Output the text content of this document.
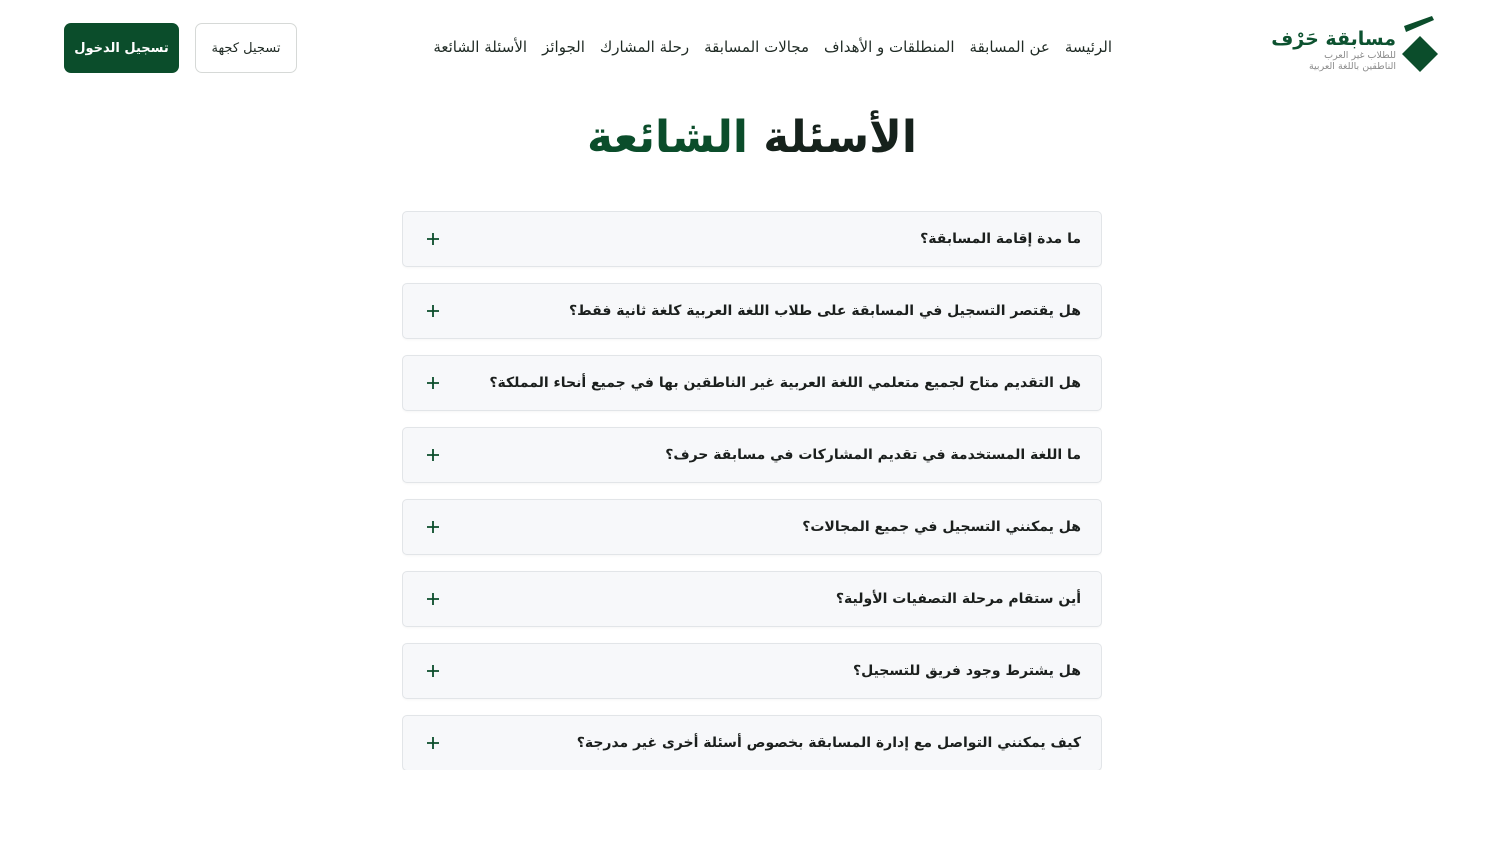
مسابقة حَرْف
للطلاب غير العرب
الناطقين باللغة العربية
الرئيسة
عن المسابقة
المنطلقات و الأهداف
مجالات المسابقة
رحلة المشارك
الجوائز
الأسئلة الشائعة
تسجيل كجهة
تسجيل الدخول
الأسئلة الشائعة
ما مدة إقامة المسابقة؟
هل يقتصر التسجيل في المسابقة على طلاب اللغة العربية كلغة ثانية فقط؟
هل التقديم متاح لجميع متعلمي اللغة العربية غير الناطقين بها في جميع أنحاء المملكة؟
ما اللغة المستخدمة في تقديم المشاركات في مسابقة حرف؟
هل يمكنني التسجيل في جميع المجالات؟
أين ستقام مرحلة التصفيات الأولية؟
هل يشترط وجود فريق للتسجيل؟
كيف يمكنني التواصل مع إدارة المسابقة بخصوص أسئلة أخرى غير مدرجة؟
